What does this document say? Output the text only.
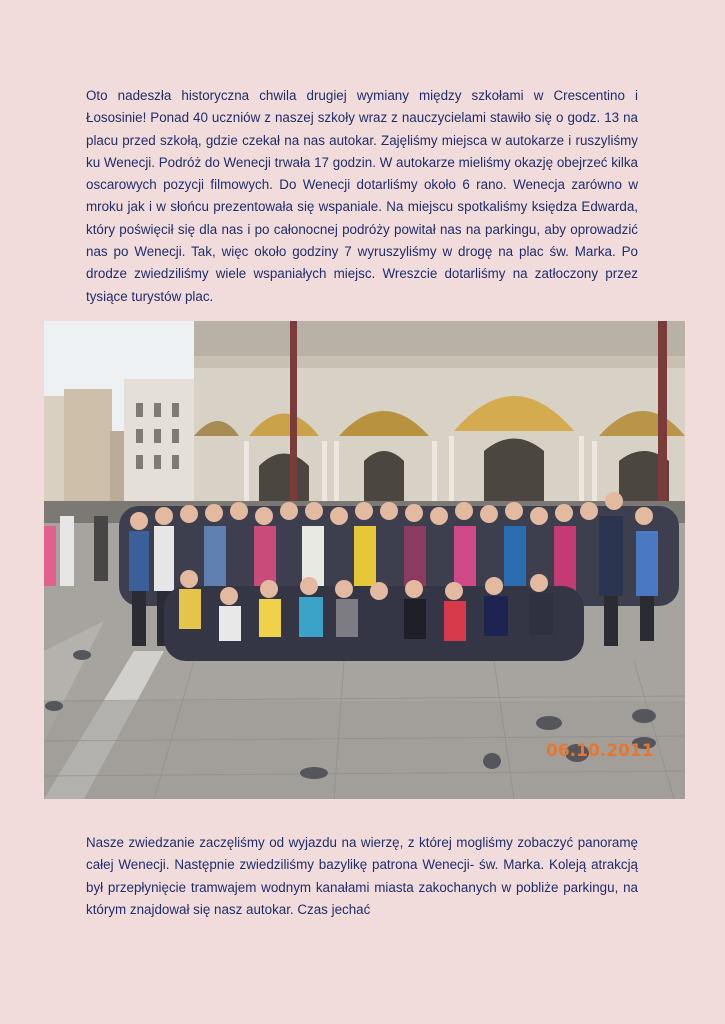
Oto nadeszła historyczna chwila drugiej wymiany między szkołami w Crescentino i Łososinie! Ponad 40 uczniów z naszej szkoły wraz z nauczycielami stawiło się o godz. 13 na placu przed szkołą, gdzie czekał na nas autokar. Zajęliśmy miejsca w autokarze i ruszyliśmy ku Wenecji. Podróż do Wenecji trwała 17 godzin. W autokarze mieliśmy okazję obejrzeć kilka oscarowych pozycji filmowych. Do Wenecji dotarliśmy około 6 rano. Wenecja zarówno w mroku jak i w słońcu prezentowała się wspaniale. Na miejscu spotkaliśmy księdza Edwarda, który poświęcił się dla nas i po całonocnej podróży powitał nas na parkingu, aby oprowadzić nas po Wenecji. Tak, więc około godziny 7 wyruszyliśmy w drogę na plac św. Marka. Po drodze zwiedziliśmy wiele wspaniałych miejsc. Wreszcie dotarliśmy na zatłoczony przez tysiące turystów plac.

06.10.2011

Nasze zwiedzanie zaczęliśmy od wyjazdu na wierzę, z której mogliśmy zobaczyć panoramę całej Wenecji. Następnie zwiedziliśmy bazylikę patrona Wenecji- św. Marka. Koleją atrakcją był przepłynięcie tramwajem wodnym kanałami miasta zakochanych w pobliże parkingu, na którym znajdował się nasz autokar. Czas jechać
